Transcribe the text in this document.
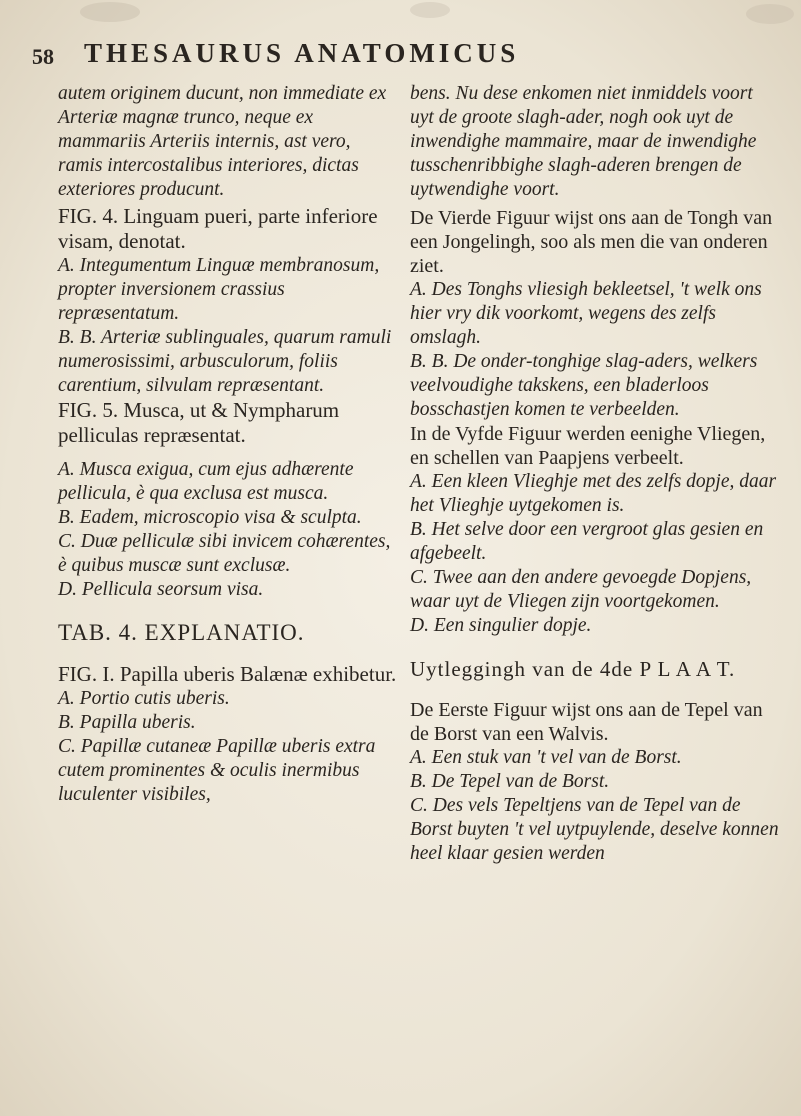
58 THESAURUS ANATOMICUS

autem originem ducunt, non immediate ex Arteriæ magnæ trunco, neque ex mammariis Arteriis internis, ast vero, ramis intercostalibus interiores, dictas exteriores producunt.

FIG. 4. Linguam pueri, parte inferiore visam, denotat.

A. Integumentum Linguæ membranosum, propter inversionem crassius repræsentatum.

B. B. Arteriæ sublinguales, quarum ramuli numerosissimi, arbusculorum, foliis carentium, silvulam repræsentant.

FIG. 5. Musca, ut & Nympharum pelliculas repræsentat.

A. Musca exigua, cum ejus adhærente pellicula, è qua exclusa est musca.

B. Eadem, microscopio visa & sculpta.

C. Duæ pelliculæ sibi invicem cohærentes, è quibus muscæ sunt exclusæ.

D. Pellicula seorsum visa.

TAB. 4. EXPLANATIO.

FIG. I. Papilla uberis Balænæ exhibetur.

A. Portio cutis uberis.

B. Papilla uberis.

C. Papillæ cutaneæ Papillæ uberis extra cutem prominentes & oculis inermibus luculenter visibiles,

bens. Nu dese enkomen niet inmiddels voort uyt de groote slagh-ader, nogh ook uyt de inwendighe mammaire, maar de inwendighe tusschenribbighe slagh-aderen brengen de uytwendighe voort.

De Vierde Figuur wijst ons aan de Tongh van een Jongelingh, soo als men die van onderen ziet.

A. Des Tonghs vliesigh bekleetsel, 't welk ons hier vry dik voorkomt, wegens des zelfs omslagh.

B. B. De onder-tonghige slag-aders, welkers veelvoudighe takskens, een bladerloos bosschastjen komen te verbeelden.

In de Vyfde Figuur werden eenighe Vliegen, en schellen van Paapjens verbeelt.

A. Een kleen Vlieghje met des zelfs dopje, daar het Vlieghje uytgekomen is.

B. Het selve door een vergroot glas gesien en afgebeelt.

C. Twee aan den andere gevoegde Dopjens, waar uyt de Vliegen zijn voortgekomen.

D. Een singulier dopje.

Uytleggingh van de 4de P L A A T.

De Eerste Figuur wijst ons aan de Tepel van de Borst van een Walvis.

A. Een stuk van 't vel van de Borst.

B. De Tepel van de Borst.

C. Des vels Tepeltjens van de Tepel van de Borst buyten 't vel uytpuylende, deselve konnen heel klaar gesien werden
